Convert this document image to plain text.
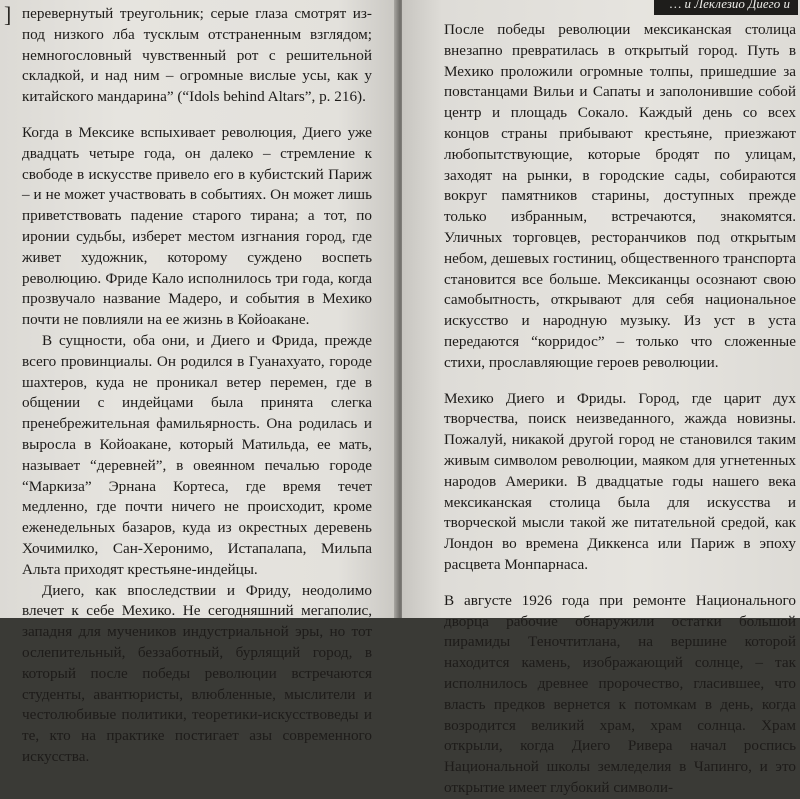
] перевернутый треугольник; серые глаза смотрят из-под низкого лба тусклым отстраненным взглядом; немногословный чувственный рот с решительной складкой, и над ним – огромные вислые усы, как у китайского мандарина” (“Idols behind Altars”, p. 216).

Когда в Мексике вспыхивает революция, Диего уже двадцать четыре года, он далеко – стремление к свободе в искусстве привело его в кубистский Париж – и не может участвовать в событиях. Он может лишь приветствовать падение старого тирана; а тот, по иронии судьбы, изберет местом изгнания город, где живет художник, которому суждено воспеть революцию. Фриде Кало исполнилось три года, когда прозвучало название Мадеро, и события в Мехико почти не повлияли на ее жизнь в Койоакане.

В сущности, оба они, и Диего и Фрида, прежде всего провинциалы. Он родился в Гуанахуато, городе шахтеров, куда не проникал ветер перемен, где в общении с индейцами была принята слегка пренебрежительная фамильярность. Она родилась и выросла в Койоакане, который Матильда, ее мать, называет “деревней”, в овеянном печалью городе “Маркиза” Эрнана Кортеса, где время течет медленно, где почти ничего не происходит, кроме еженедельных базаров, куда из окрестных деревень Хочимилко, Сан-Херонимо, Истапалапа, Мильпа Альта приходят крестьяне-индейцы.

Диего, как впоследствии и Фриду, неодолимо влечет к себе Мехико. Не сегодняшний мегаполис, западня для мучеников индустриальной эры, но тот ослепительный, беззаботный, бурлящий город, в который после победы революции встречаются студенты, авантюристы, влюбленные, мыслители и честолюбивые политики, теоретики-искусствоведы и те, кто на практике постигает азы современного искусства.

… и Леклезио Диего и

После победы революции мексиканская столица внезапно превратилась в открытый город. Путь в Мехико проложили огромные толпы, пришедшие за повстанцами Вильи и Сапаты и заполонившие собой центр и площадь Сокало. Каждый день со всех концов страны прибывают крестьяне, приезжают любопытствующие, которые бродят по улицам, заходят на рынки, в городские сады, собираются вокруг памятников старины, доступных прежде только избранным, встречаются, знакомятся. Уличных торговцев, ресторанчиков под открытым небом, дешевых гостиниц, общественного транспорта становится все больше. Мексиканцы осознают свою самобытность, открывают для себя национальное искусство и народную музыку. Из уст в уста передаются “корридос” – только что сложенные стихи, прославляющие героев революции.

Мехико Диего и Фриды. Город, где царит дух творчества, поиск неизведанного, жажда новизны. Пожалуй, никакой другой город не становился таким живым символом революции, маяком для угнетенных народов Америки. В двадцатые годы нашего века мексиканская столица была для искусства и творческой мысли такой же питательной средой, как Лондон во времена Диккенса или Париж в эпоху расцвета Монпарнаса.

В августе 1926 года при ремонте Национального дворца рабочие обнаружили остатки большой пирамиды Теночтитлана, на вершине которой находится камень, изображающий солнце, – так исполнилось древнее пророчество, гласившее, что власть предков вернется к потомкам в день, когда возродится великий храм, храм солнца. Храм открыли, когда Диего Ривера начал роспись Национальной школы земледелия в Чапинго, и это открытие имеет глубокий символи-
